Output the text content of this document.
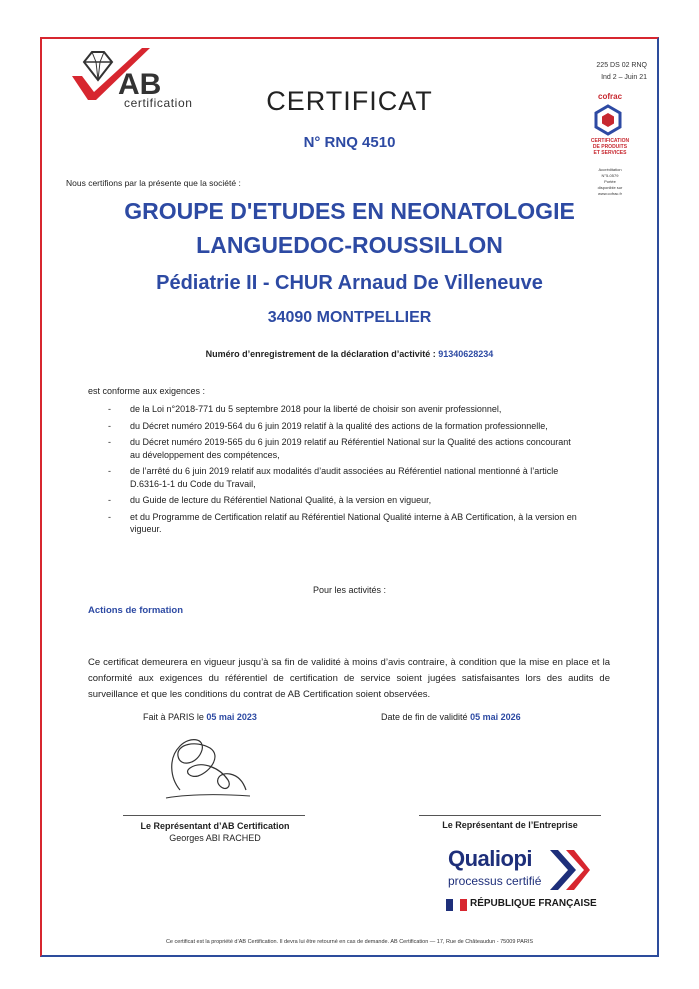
AB
certification
225 DS 02 RNQ
Ind 2 – Juin 21
CERTIFICAT
N° RNQ 4510
cofrac
CERTIFICATION
DE PRODUITS
ET SERVICES
Accréditation
N°5-0579
Portée
disponible sur
www.cofrac.fr
Nous certifions par la présente que la société :
GROUPE D'ETUDES EN NEONATOLOGIE
LANGUEDOC-ROUSSILLON
Pédiatrie II - CHUR Arnaud De Villeneuve
34090 MONTPELLIER
Numéro d’enregistrement de la déclaration d’activité : 91340628234
est conforme aux exigences :
- de la Loi n°2018-771 du 5 septembre 2018 pour la liberté de choisir son avenir professionnel,
- du Décret numéro 2019-564 du 6 juin 2019 relatif à la qualité des actions de la formation professionnelle,
- du Décret numéro 2019-565 du 6 juin 2019 relatif au Référentiel National sur la Qualité des actions concourant au développement des compétences,
- de l’arrêté du 6 juin 2019 relatif aux modalités d’audit associées au Référentiel national mentionné à l’article D.6316-1-1 du Code du Travail,
- du Guide de lecture du Référentiel National Qualité, à la version en vigueur,
- et du Programme de Certification relatif au Référentiel National Qualité interne à AB Certification, à la version en vigueur.
Pour les activités :
Actions de formation
Ce certificat demeurera en vigueur jusqu’à sa fin de validité à moins d’avis contraire, à condition que la mise en place et la conformité aux exigences du référentiel de certification de service soient jugées satisfaisantes lors des audits de surveillance et que les conditions du contrat de AB Certification soient observées.
Fait à PARIS le 05 mai 2023	Date de fin de validité 05 mai 2026
Le Représentant d’AB Certification
Georges ABI RACHED
Le Représentant de l’Entreprise
Qualiopi
processus certifié
RÉPUBLIQUE FRANÇAISE
Ce certificat est la propriété d’AB Certification. Il devra lui être retourné en cas de demande. AB Certification — 17, Rue de Châteaudun - 75009 PARIS
